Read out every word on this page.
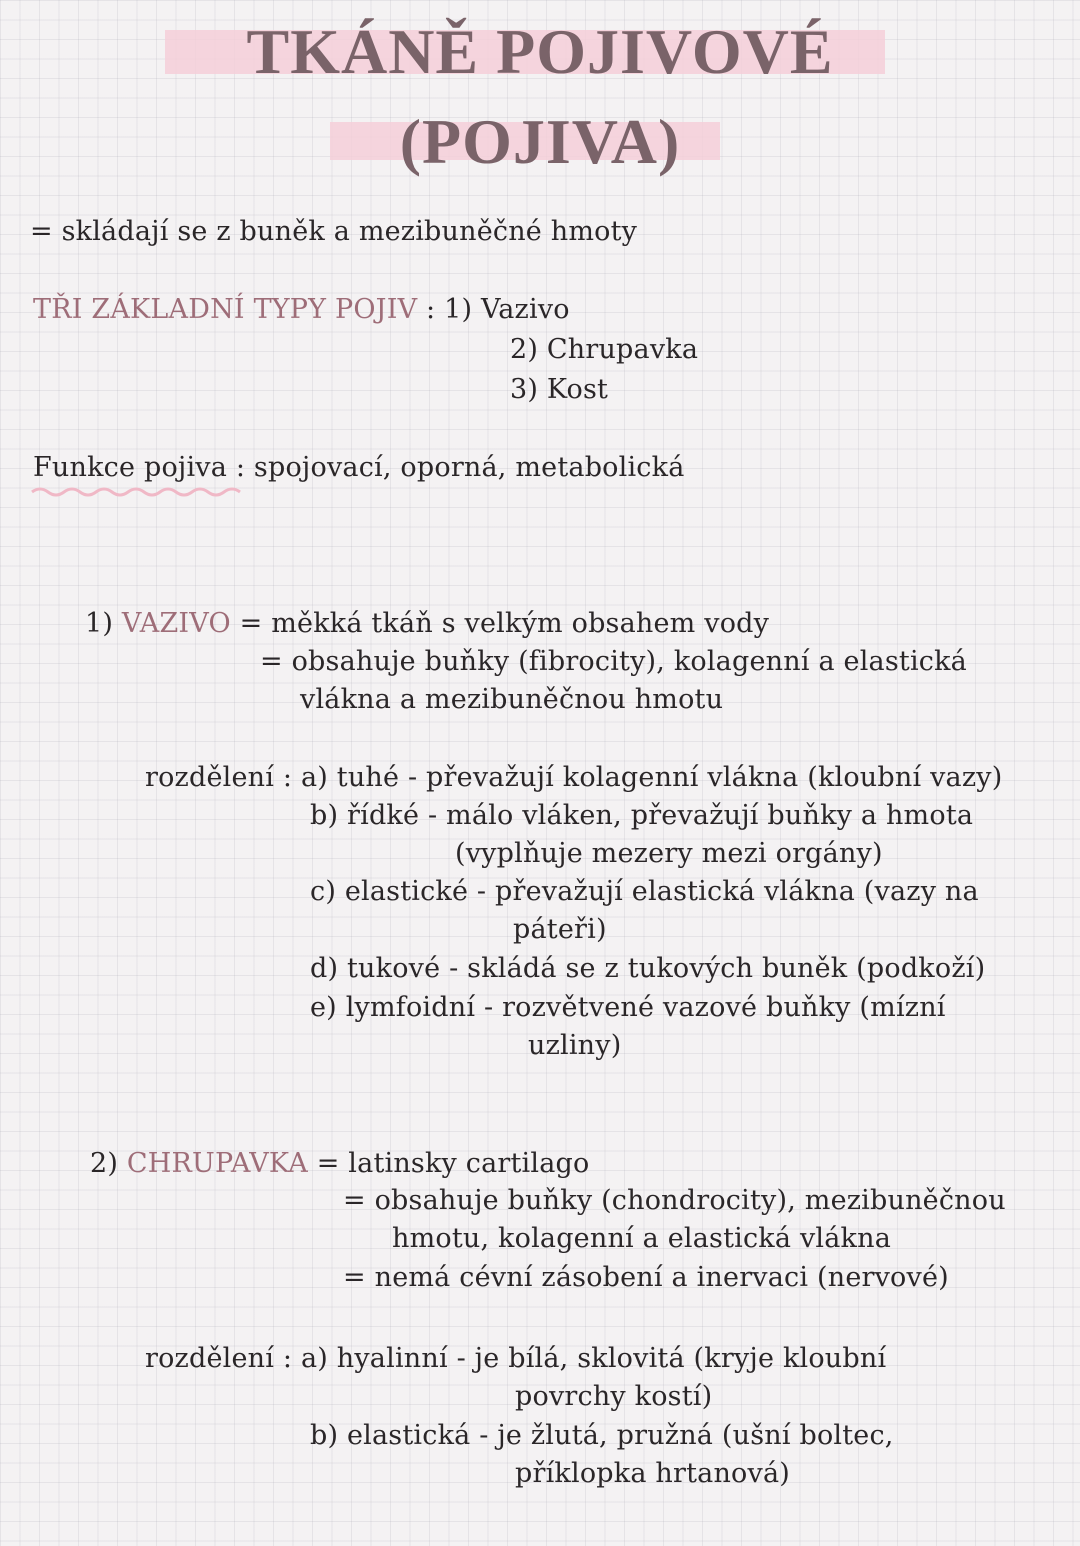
TKÁNĚ POJIVOVÉ
(POJIVA)
= skládají se z buněk a mezibuněčné hmoty
TŘI ZÁKLADNÍ TYPY POJIV : 1) Vazivo
2) Chrupavka
3) Kost
Funkce pojiva : spojovací, oporná, metabolická
1) VAZIVO = měkká tkáň s velkým obsahem vody
= obsahuje buňky (fibrocity), kolagenní a elastická
vlákna a mezibuněčnou hmotu
rozdělení : a) tuhé - převažují kolagenní vlákna (kloubní vazy)
b) řídké - málo vláken, převažují buňky a hmota
(vyplňuje mezery mezi orgány)
c) elastické - převažují elastická vlákna (vazy na
páteři)
d) tukové - skládá se z tukových buněk (podkoží)
e) lymfoidní - rozvětvené vazové buňky (mízní
uzliny)
2) CHRUPAVKA = latinsky cartilago
= obsahuje buňky (chondrocity), mezibuněčnou
hmotu, kolagenní a elastická vlákna
= nemá cévní zásobení a inervaci (nervové)
rozdělení : a) hyalinní - je bílá, sklovitá (kryje kloubní
povrchy kostí)
b) elastická - je žlutá, pružná (ušní boltec,
příklopka hrtanová)
